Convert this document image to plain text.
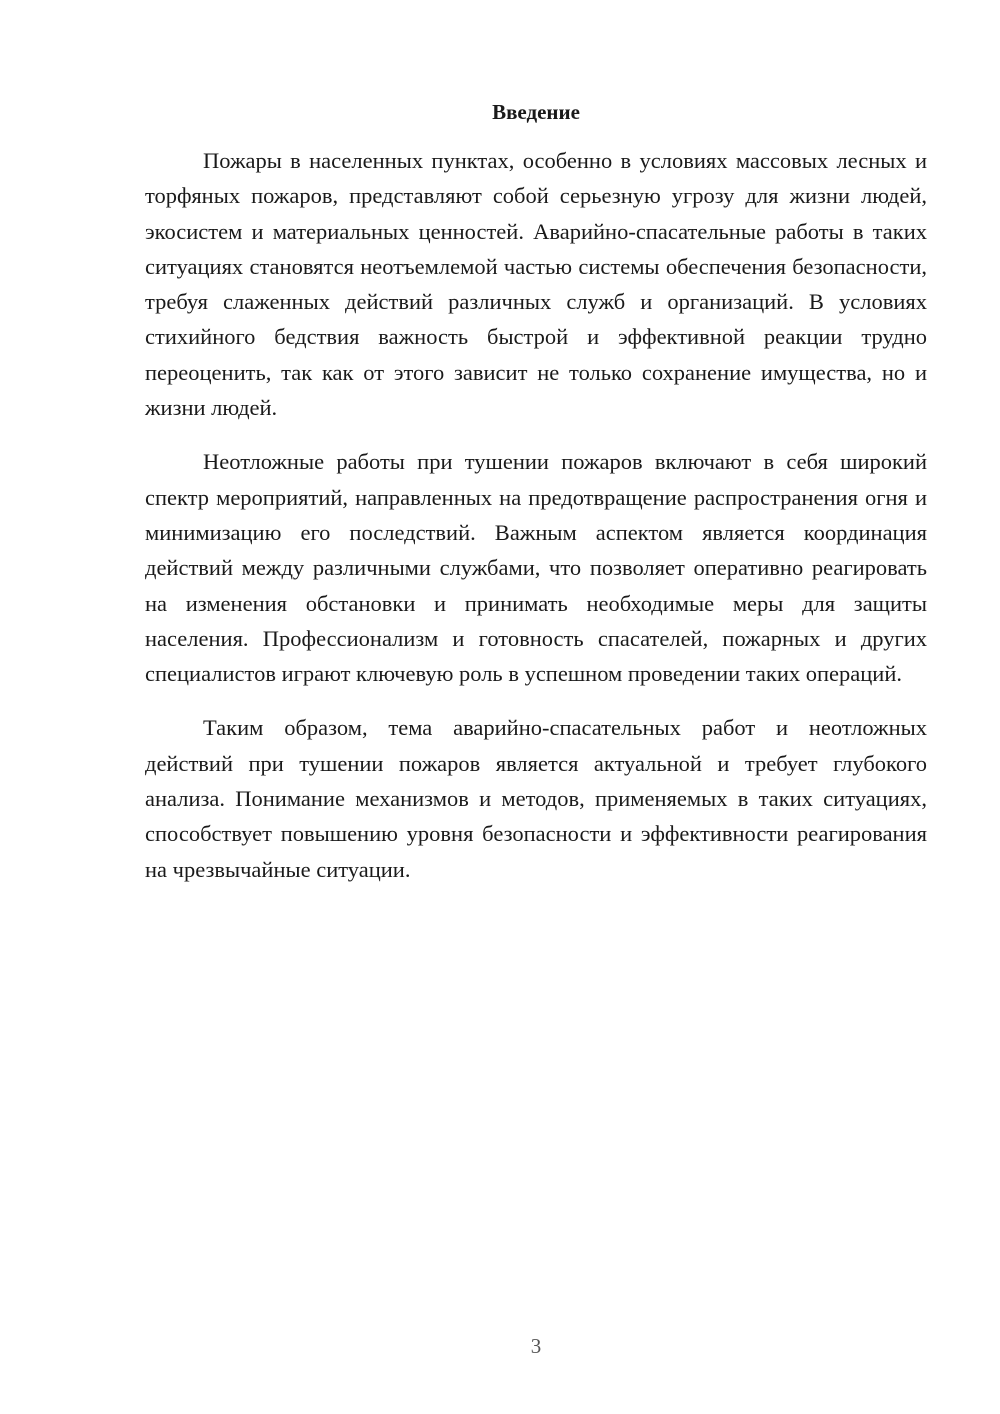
Введение

Пожары в населенных пунктах, особенно в условиях массовых лесных и торфяных пожаров, представляют собой серьезную угрозу для жизни людей, экосистем и материальных ценностей. Аварийно-спасательные работы в таких ситуациях становятся неотъемлемой частью системы обеспечения безопасности, требуя слаженных действий различных служб и организаций. В условиях стихийного бедствия важность быстрой и эффективной реакции трудно переоценить, так как от этого зависит не только сохранение имущества, но и жизни людей.

Неотложные работы при тушении пожаров включают в себя широкий спектр мероприятий, направленных на предотвращение распространения огня и минимизацию его последствий. Важным аспектом является координация действий между различными службами, что позволяет оперативно реагировать на изменения обстановки и принимать необходимые меры для защиты населения. Профессионализм и готовность спасателей, пожарных и других специалистов играют ключевую роль в успешном проведении таких операций.

Таким образом, тема аварийно-спасательных работ и неотложных действий при тушении пожаров является актуальной и требует глубокого анализа. Понимание механизмов и методов, применяемых в таких ситуациях, способствует повышению уровня безопасности и эффективности реагирования на чрезвычайные ситуации.

3
